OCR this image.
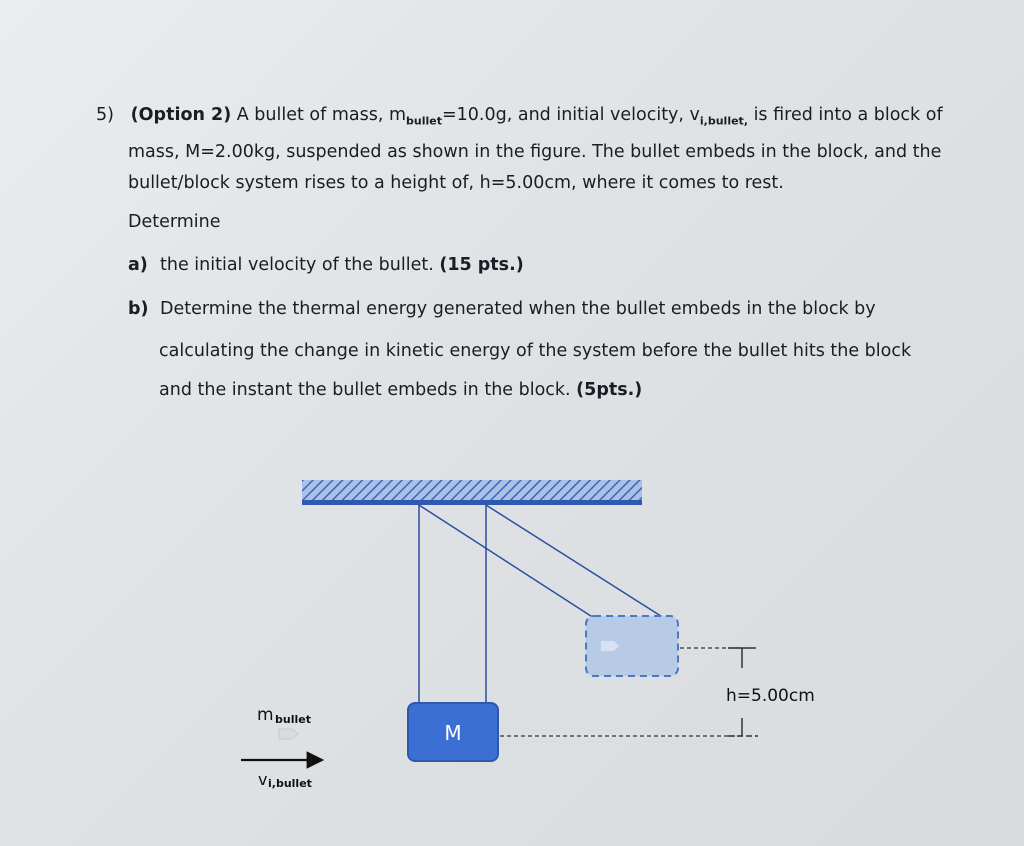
5) (Option 2) A bullet of mass, $m_{bullet}=10.0g$, and initial velocity, $v_{i,bullet,}$ is fired into a block of
mass, M=2.00kg, suspended as shown in the figure. The bullet embeds in the block, and the
bullet/block system rises to a height of, h=5.00cm, where it comes to rest.
Determine
a) the initial velocity of the bullet. (15 pts.)
b) Determine the thermal energy generated when the bullet embeds in the block by
calculating the change in kinetic energy of the system before the bullet hits the block
and the instant the bullet embeds in the block. (5pts.)
M
h=5.00cm
m bullet
v i,bullet
